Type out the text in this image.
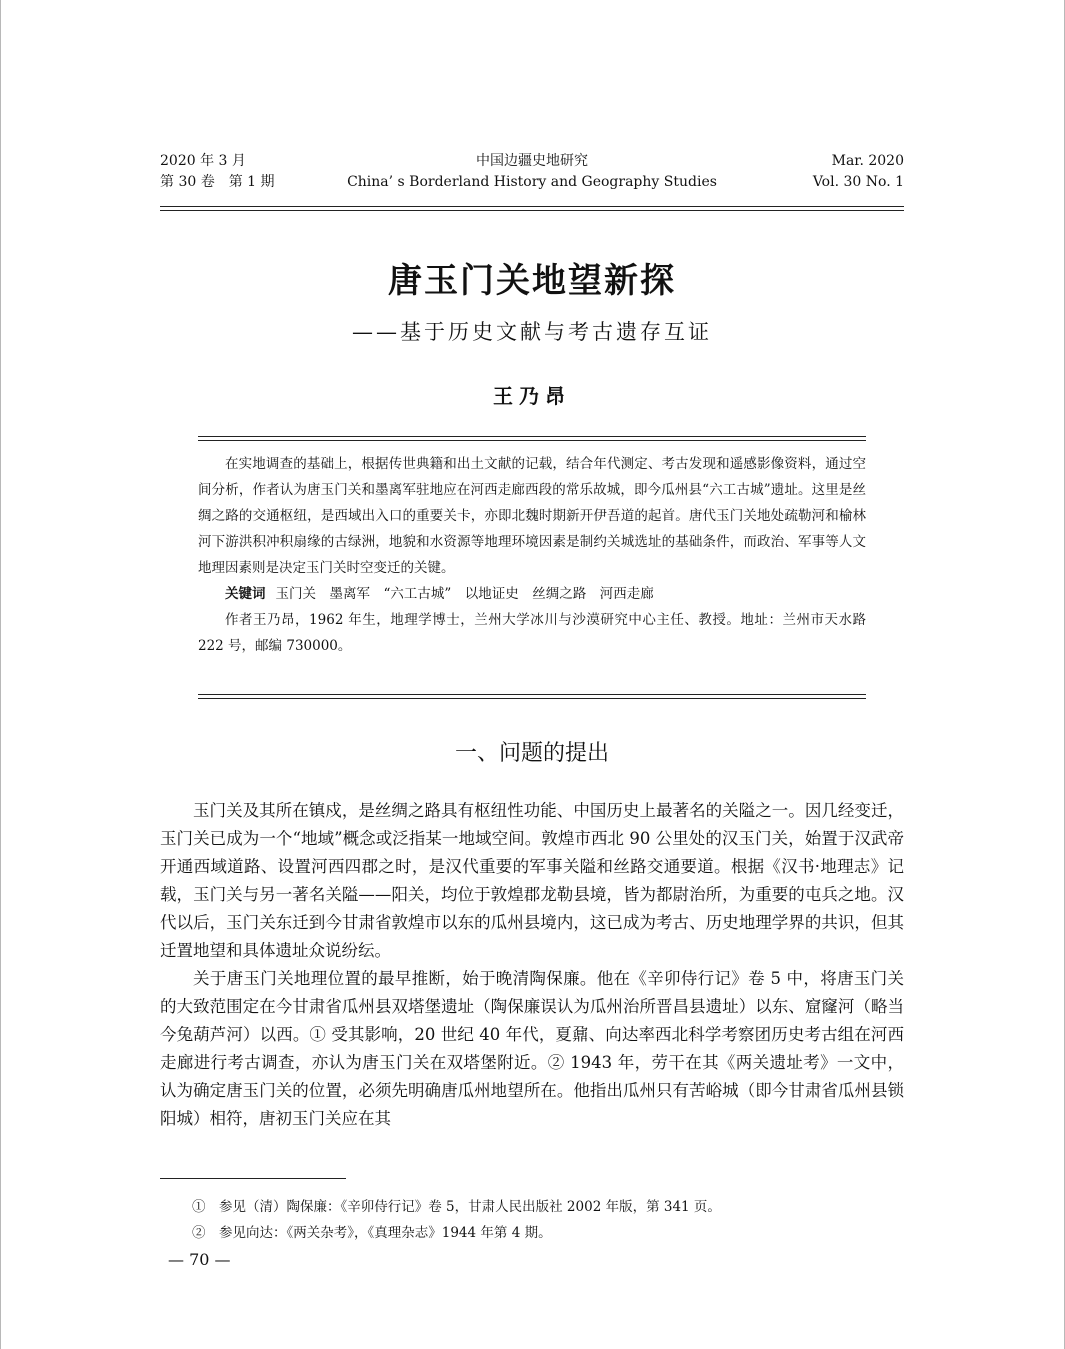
2020 年 3 月
第 30 卷　第 1 期
中国边疆史地研究
China’ s Borderland History and Geography Studies
Mar. 2020
Vol. 30 No. 1
唐玉门关地望新探
——基于历史文献与考古遗存互证
王乃昂

在实地调查的基础上，根据传世典籍和出土文献的记载，结合年代测定、考古发现和遥感影像资料，通过空间分析，作者认为唐玉门关和墨离军驻地应在河西走廊西段的常乐故城，即今瓜州县“六工古城”遗址。这里是丝绸之路的交通枢纽，是西域出入口的重要关卡，亦即北魏时期新开伊吾道的起首。唐代玉门关地处疏勒河和榆林河下游洪积冲积扇缘的古绿洲，地貌和水资源等地理环境因素是制约关城选址的基础条件，而政治、军事等人文地理因素则是决定玉门关时空变迁的关键。

关键词 玉门关　墨离军　“六工古城”　以地证史　丝绸之路　河西走廊

作者王乃昂，1962 年生，地理学博士，兰州大学冰川与沙漠研究中心主任、教授。地址：兰州市天水路 222 号，邮编 730000。

一、问题的提出

玉门关及其所在镇戍，是丝绸之路具有枢纽性功能、中国历史上最著名的关隘之一。因几经变迁，玉门关已成为一个“地域”概念或泛指某一地域空间。敦煌市西北 90 公里处的汉玉门关，始置于汉武帝开通西域道路、设置河西四郡之时，是汉代重要的军事关隘和丝路交通要道。根据《汉书·地理志》记载，玉门关与另一著名关隘——阳关，均位于敦煌郡龙勒县境，皆为都尉治所，为重要的屯兵之地。汉代以后，玉门关东迁到今甘肃省敦煌市以东的瓜州县境内，这已成为考古、历史地理学界的共识，但其迁置地望和具体遗址众说纷纭。

关于唐玉门关地理位置的最早推断，始于晚清陶保廉。他在《辛卯侍行记》卷 5 中，将唐玉门关的大致范围定在今甘肃省瓜州县双塔堡遗址（陶保廉误认为瓜州治所晋昌县遗址）以东、窟窿河（略当今兔葫芦河）以西。① 受其影响，20 世纪 40 年代，夏鼐、向达率西北科学考察团历史考古组在河西走廊进行考古调查，亦认为唐玉门关在双塔堡附近。② 1943 年，劳干在其《两关遗址考》一文中，认为确定唐玉门关的位置，必须先明确唐瓜州地望所在。他指出瓜州只有苦峪城（即今甘肃省瓜州县锁阳城）相符，唐初玉门关应在其

①　参见（清）陶保廉：《辛卯侍行记》卷 5，甘肃人民出版社 2002 年版，第 341 页。
②　参见向达：《两关杂考》，《真理杂志》1944 年第 4 期。
— 70 —
